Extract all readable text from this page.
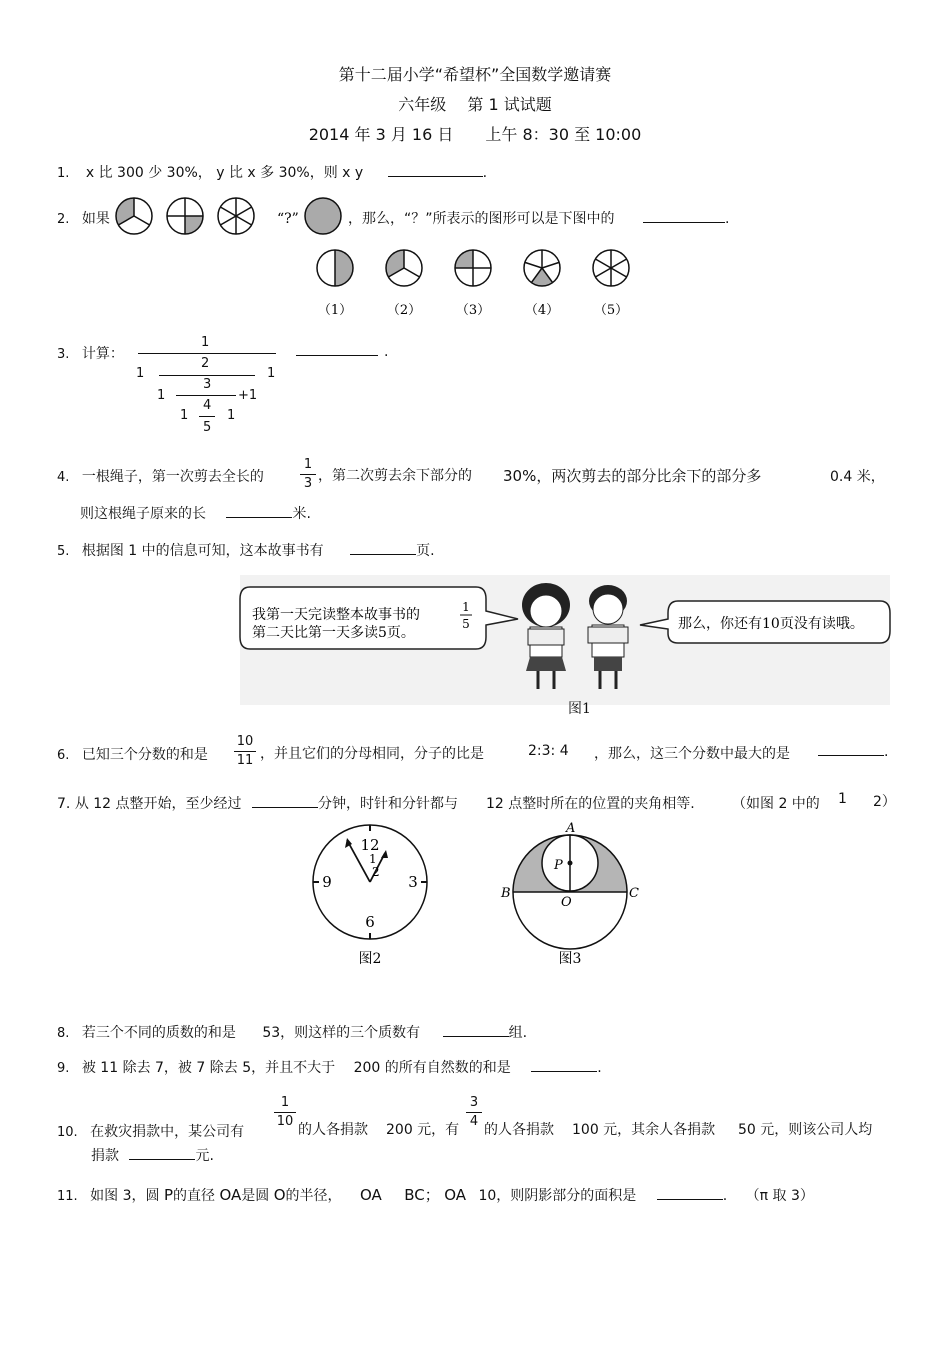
第十二届小学“希望杯”全国数学邀请赛
六年级　 第 1 试试题
2014 年 3 月 16 日　　上午 8：30 至 10:00
1. x 比 300 少 30%， y 比 x 多 30%，则 x y	.
2. 如果	“?”	，那么，“？”所表示的图形可以是下图中的	.
（1）	（2）	（3）	（4）	（5）
3. 计算：
1
1
2
1
1
3
+1
1
4
5
1
.
4. 一根绳子，第一次剪去全长的	$\frac{1}{3}$ ，第二次剪去余下部分的 30%，两次剪去的部分比余下的部分多	0.4 米，
则这根绳子原来的长	米.
5. 根据图 1 中的信息可知，这本故事书有	页.
我第一天完读整本故事书的
第二天比第一天多读5页。
1
5	那么，你还有10页没有读哦。
图1
6. 已知三个分数的和是 $\frac{10}{11}$ ，并且它们的分母相同，分子的比是	2:3: 4 ，那么，这三个分数中最大的是	.
7. 从 12 点整开始，至少经过	分钟，时针和分针都与 12 点整时所在的位置的夹角相等.	（如图 2 中的 1 2）
12
3
6
9
1
2
图2
A
B	C
O
P
图3
8. 若三个不同的质数的和是 53，则这样的三个质数有	组.
9. 被 11 除去 7，被 7 除去 5，并且不大于 200 的所有自然数的和是	.
10. 在救灾捐款中，某公司有
$\frac{1}{10}$ 的人各捐款 200 元，有 $\frac{3}{4}$ 的人各捐款 100 元，其余人各捐款 50 元，则该公司人均
捐款	元.
11. 如图 3，圆 P的直径 OA是圆 O的半径， OA BC； OA 10，则阴影部分的面积是	. （π 取 3）
